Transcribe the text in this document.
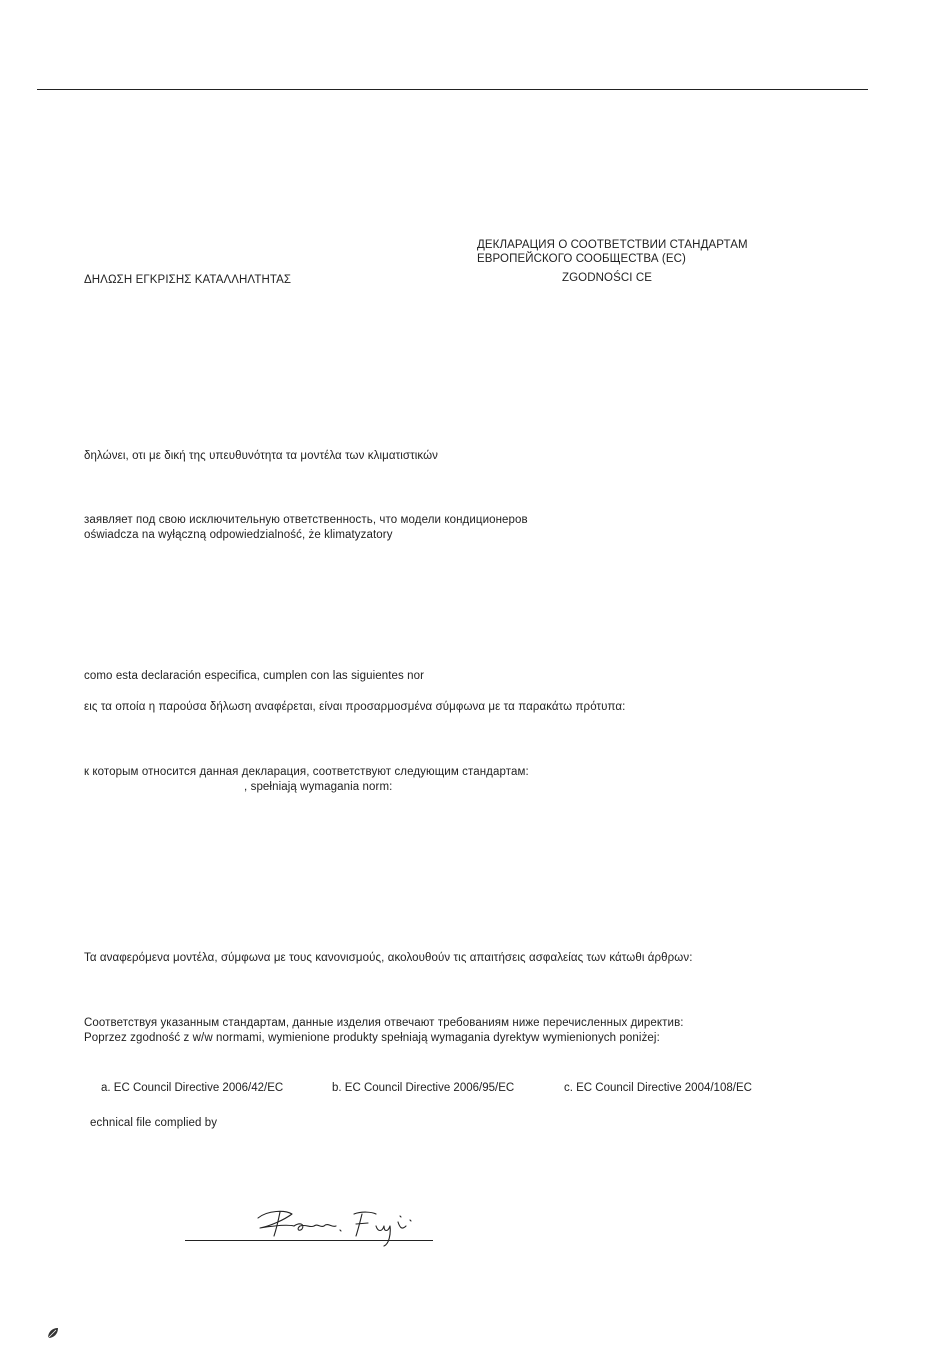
ДЕКЛАРАЦИЯ О СООТВЕТСТВИИ СТАНДАРТАМ
ЕВРОПЕЙСКОГО СООБЩЕСТВА (EC)
ΔΗΛΩΣΗ ΕΓΚΡΙΣΗΣ ΚΑΤΑΛΛΗΛΤΗΤΑΣ	ZGODNOŚCI CE
δηλώνει, οτι με δική της υπευθυνότητα τα μοντέλα των κλιματιστικών
заявляет под свою исключительную ответственность, что модели кондиционеров
oświadcza na wyłączną odpowiedzialność, że klimatyzatory
como esta declaración especifica, cumplen con las siguientes nor
εις τα οποία η παρούσα δήλωση αναφέρεται, είναι προσαρμοσμένα σύμφωνα με τα παρακάτω πρότυπα:
к которым относится данная декларация, соответствуют следующим стандартам:
, spełniają wymagania norm:
Τα αναφερόμενα μοντέλα, σύμφωνα με τους κανονισμούς, ακολουθούν τις απαιτήσεις ασφαλείας των κάτωθι άρθρων:
Соответствуя указанным стандартам, данные изделия отвечают требованиям ниже перечисленных директив:
Poprzez zgodność z w/w normami, wymienione produkty spełniają wymagania dyrektyw wymienionych poniżej:
a. EC Council Directive 2006/42/EC	b. EC Council Directive 2006/95/EC	c. EC Council Directive 2004/108/EC
echnical file complied by
